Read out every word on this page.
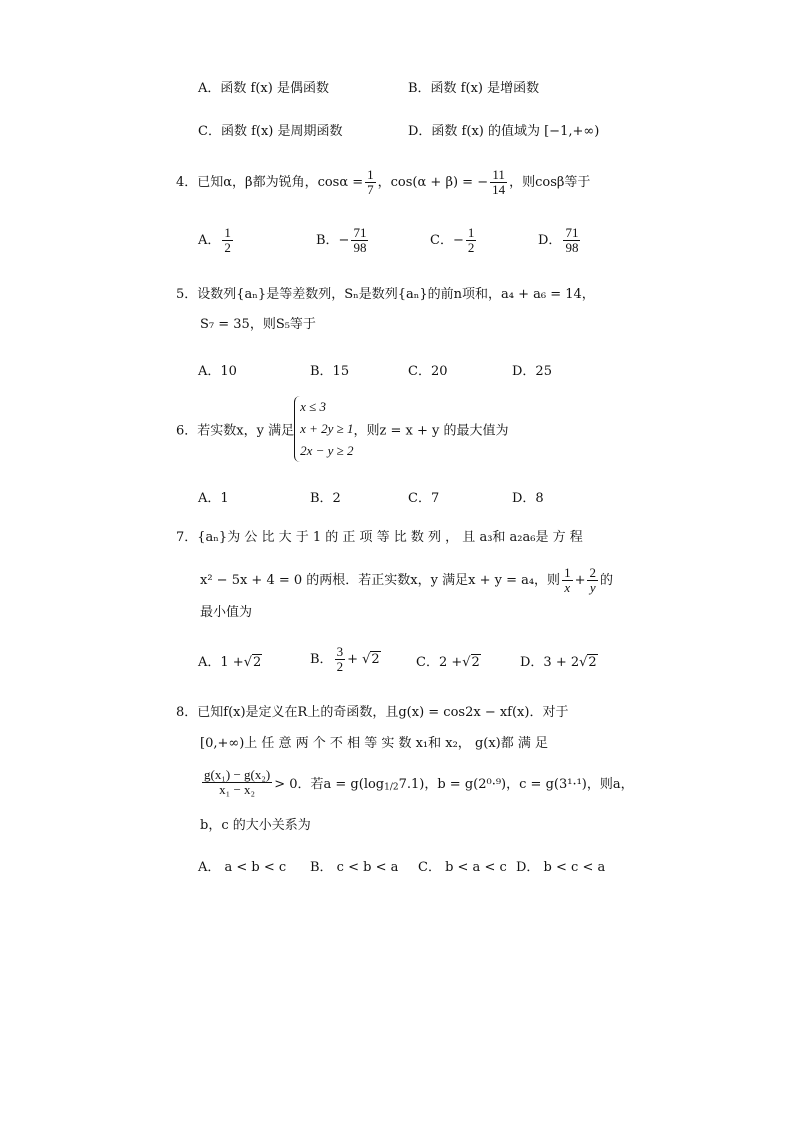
A．函数 f(x) 是偶函数	B．函数 f(x) 是增函数
C．函数 f(x) 是周期函数	D．函数 f(x) 的值域为 [−1,+∞)
4．已知α，β都为锐角，$\cos\alpha = \frac{1}{7}$ ，cos(α + β) = − $\frac{11}{14}$ ，则cosβ等于
A． $\frac{1}{2}$	B．− $\frac{71}{98}$	C．− $\frac{1}{2}$	D． $\frac{71}{98}$
5．设数列{aₙ}是等差数列，Sₙ是数列{aₙ}的前n项和，a₄ + a₆ = 14，
S₇ = 35，则S₅等于
A．10	B．15	C．20	D．25
6．若实数x，y 满足
x ≤ 3
x + 2y ≥ 1
2x − y ≥ 2
，则z = x + y 的最大值为
A．1	B．2	C．7	D．8
7．{aₙ}为 公 比 大 于 1 的 正 项 等 比 数 列 ， 且 a₃和 a₂a₆是 方 程
x² − 5x + 4 = 0 的两根．若正实数x，y 满足x + y = a₄，则 $\frac{1}{x} + \frac{2}{y}$ 的
最小值为
A．1 +√2	B． $\frac{3}{2} + √2$	C．2 +√2	D．3 + 2√2
8．已知f(x)是定义在R上的奇函数，且g(x) = cos2x − xf(x)．对于
[0,+∞)上 任 意 两 个 不 相 等 实 数 x₁和 x₂， g(x)都 满 足
$\frac{\text{g(x₁) − g(x₂)}}{\text{x₁ − x₂}} > 0$．若$a = g(\log_{1/2}7.1)$，b = g(2⁰·⁹)，c = g(3¹·¹)，则a，
b，c 的大小关系为
A． a < b < c B． c < b < a C． b < a < c D． b < c < a
